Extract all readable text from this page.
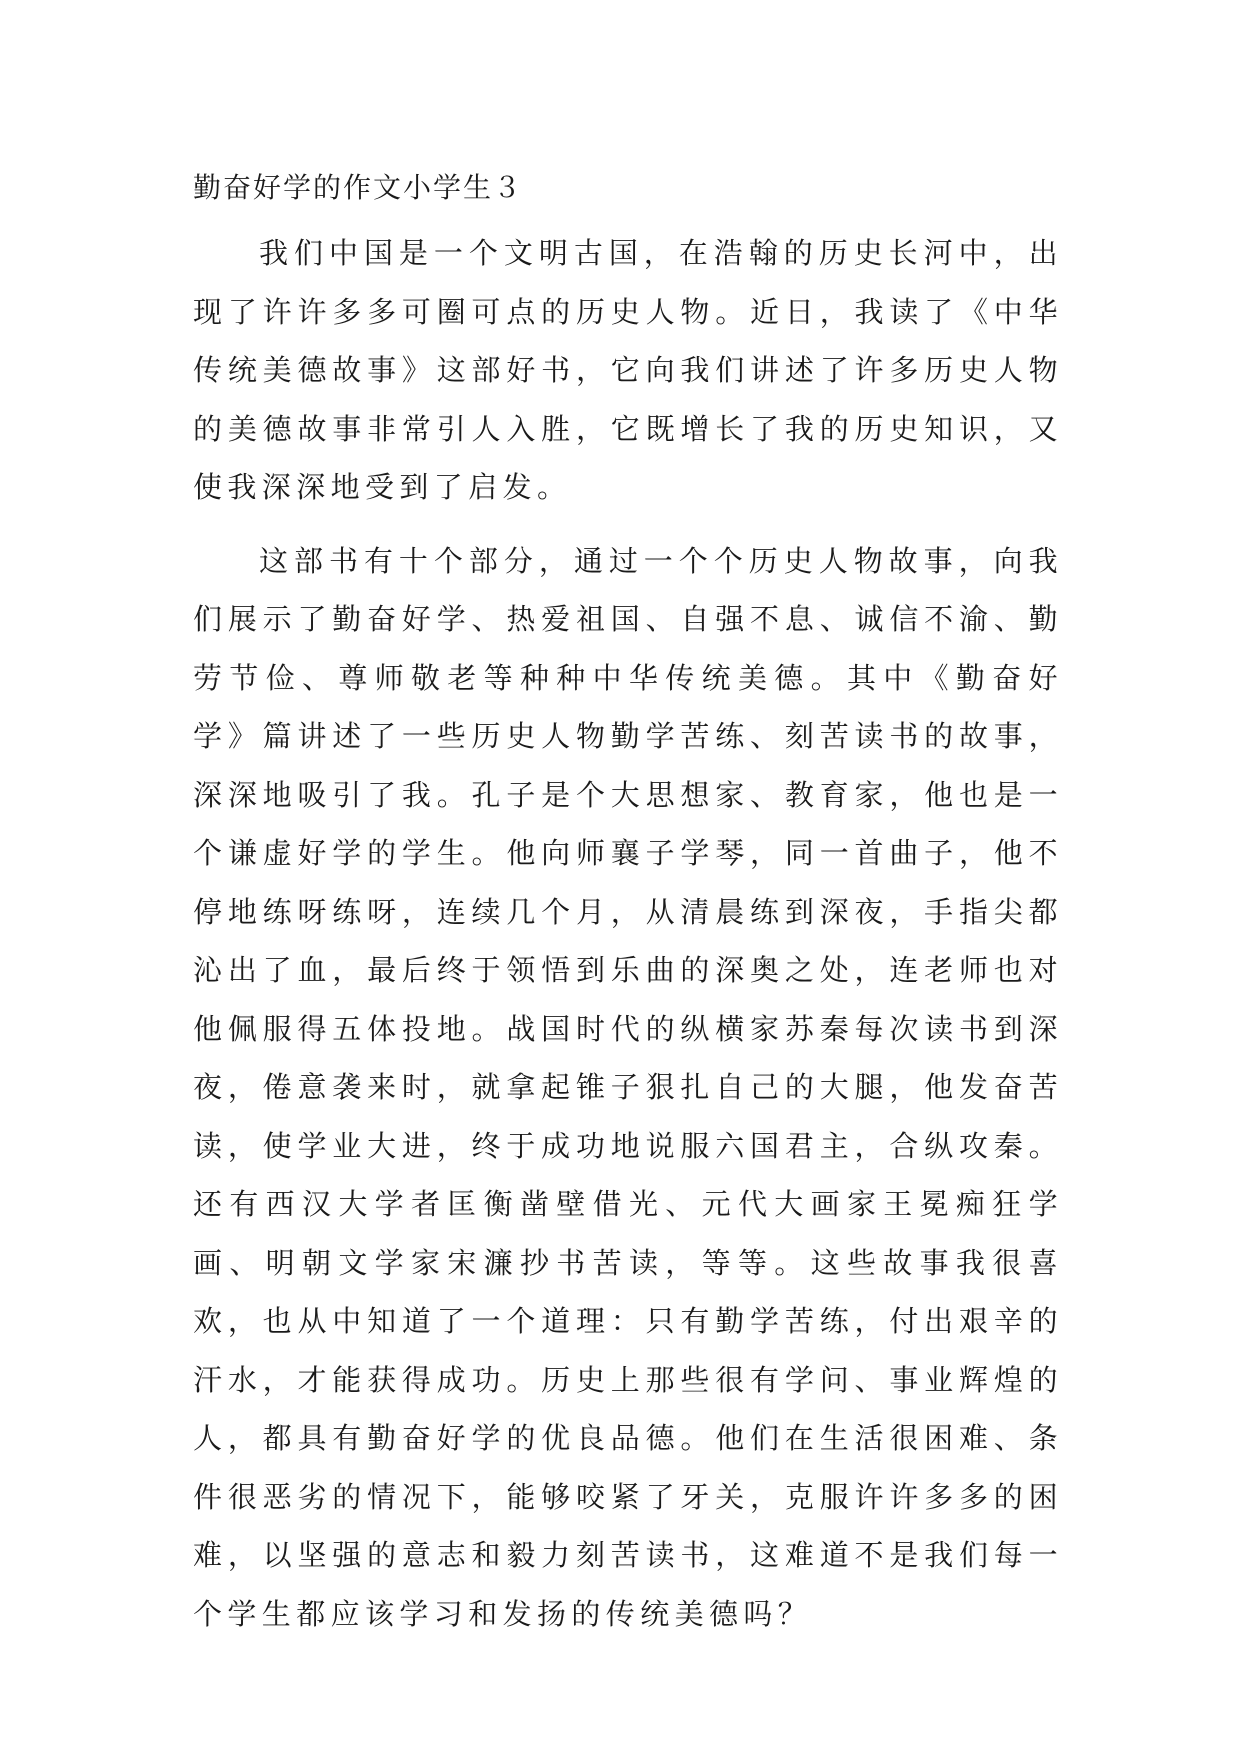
勤奋好学的作文小学生３

我们中国是一个文明古国，在浩翰的历史长河中，出现了许许多多可圈可点的历史人物。近日，我读了《中华传统美德故事》这部好书，它向我们讲述了许多历史人物的美德故事非常引人入胜，它既增长了我的历史知识，又使我深深地受到了启发。

这部书有十个部分，通过一个个历史人物故事，向我们展示了勤奋好学、热爱祖国、自强不息、诚信不渝、勤劳节俭、尊师敬老等种种中华传统美德。其中《勤奋好学》篇讲述了一些历史人物勤学苦练、刻苦读书的故事，深深地吸引了我。孔子是个大思想家、教育家，他也是一个谦虚好学的学生。他向师襄子学琴，同一首曲子，他不停地练呀练呀，连续几个月，从清晨练到深夜，手指尖都沁出了血，最后终于领悟到乐曲的深奥之处，连老师也对他佩服得五体投地。战国时代的纵横家苏秦每次读书到深夜，倦意袭来时，就拿起锥子狠扎自己的大腿，他发奋苦读，使学业大进，终于成功地说服六国君主，合纵攻秦。还有西汉大学者匡衡凿壁借光、元代大画家王冕痴狂学画、明朝文学家宋濂抄书苦读，等等。这些故事我很喜欢，也从中知道了一个道理：只有勤学苦练，付出艰辛的汗水，才能获得成功。历史上那些很有学问、事业辉煌的人，都具有勤奋好学的优良品德。他们在生活很困难、条件很恶劣的情况下，能够咬紧了牙关，克服许许多多的困难，以坚强的意志和毅力刻苦读书，这难道不是我们每一个学生都应该学习和发扬的传统美德吗？
